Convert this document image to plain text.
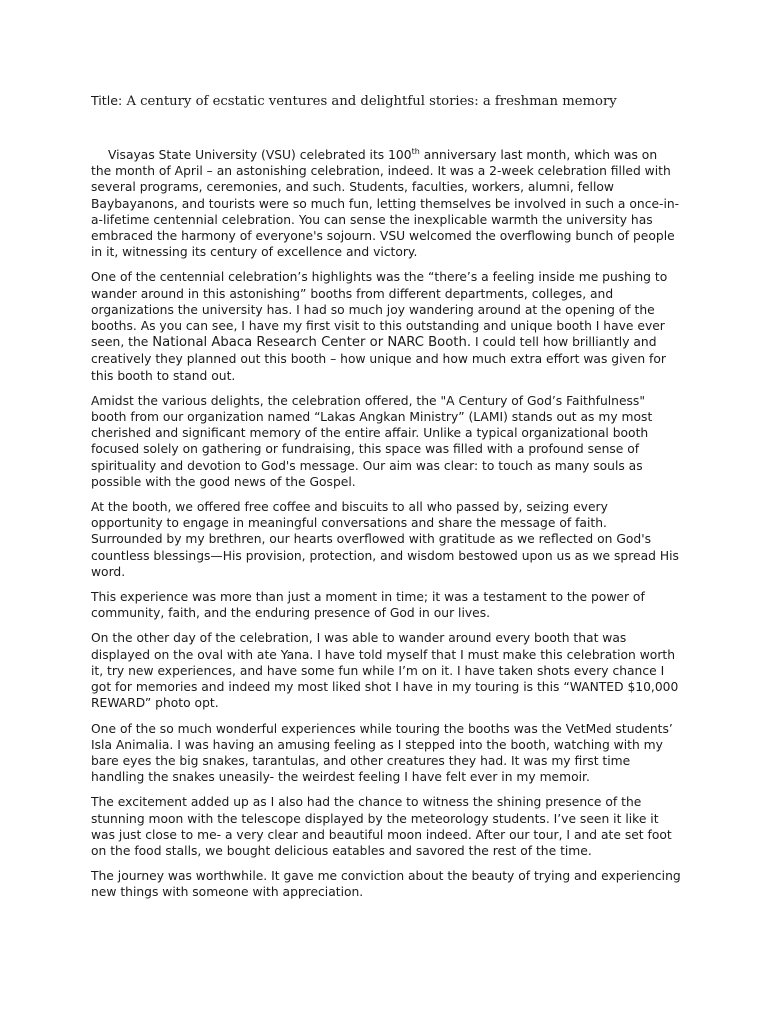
Title: A century of ecstatic ventures and delightful stories: a freshman memory

Visayas State University (VSU) celebrated its 100th anniversary last month, which was on the month of April – an astonishing celebration, indeed. It was a 2-week celebration filled with several programs, ceremonies, and such. Students, faculties, workers, alumni, fellow Baybayanons, and tourists were so much fun, letting themselves be involved in such a once-in-a-lifetime centennial celebration. You can sense the inexplicable warmth the university has embraced the harmony of everyone's sojourn. VSU welcomed the overflowing bunch of people in it, witnessing its century of excellence and victory.

One of the centennial celebration’s highlights was the “there’s a feeling inside me pushing to wander around in this astonishing” booths from different departments, colleges, and organizations the university has. I had so much joy wandering around at the opening of the booths. As you can see, I have my first visit to this outstanding and unique booth I have ever seen, the National Abaca Research Center or NARC Booth. I could tell how brilliantly and creatively they planned out this booth – how unique and how much extra effort was given for this booth to stand out.

Amidst the various delights, the celebration offered, the "A Century of God’s Faithfulness" booth from our organization named “Lakas Angkan Ministry” (LAMI) stands out as my most cherished and significant memory of the entire affair. Unlike a typical organizational booth focused solely on gathering or fundraising, this space was filled with a profound sense of spirituality and devotion to God's message. Our aim was clear: to touch as many souls as possible with the good news of the Gospel.

At the booth, we offered free coffee and biscuits to all who passed by, seizing every opportunity to engage in meaningful conversations and share the message of faith. Surrounded by my brethren, our hearts overflowed with gratitude as we reflected on God's countless blessings—His provision, protection, and wisdom bestowed upon us as we spread His word.

This experience was more than just a moment in time; it was a testament to the power of community, faith, and the enduring presence of God in our lives.

On the other day of the celebration, I was able to wander around every booth that was displayed on the oval with ate Yana. I have told myself that I must make this celebration worth it, try new experiences, and have some fun while I’m on it. I have taken shots every chance I got for memories and indeed my most liked shot I have in my touring is this “WANTED $10,000 REWARD” photo opt.

One of the so much wonderful experiences while touring the booths was the VetMed students’ Isla Animalia. I was having an amusing feeling as I stepped into the booth, watching with my bare eyes the big snakes, tarantulas, and other creatures they had. It was my first time handling the snakes uneasily- the weirdest feeling I have felt ever in my memoir.

The excitement added up as I also had the chance to witness the shining presence of the stunning moon with the telescope displayed by the meteorology students. I’ve seen it like it was just close to me- a very clear and beautiful moon indeed. After our tour, I and ate set foot on the food stalls, we bought delicious eatables and savored the rest of the time.

The journey was worthwhile. It gave me conviction about the beauty of trying and experiencing new things with someone with appreciation.
